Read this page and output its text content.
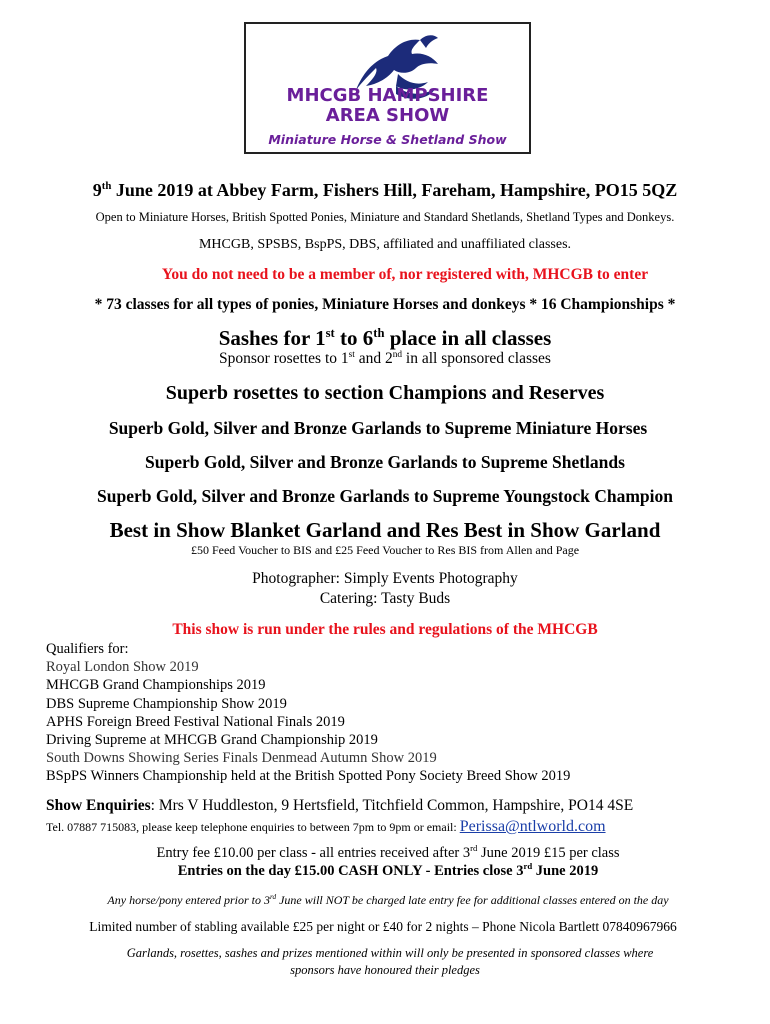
MHCGB HAMPSHIRE
AREA SHOW
Miniature Horse & Shetland Show
9th June 2019 at Abbey Farm, Fishers Hill, Fareham, Hampshire, PO15 5QZ
Open to Miniature Horses, British Spotted Ponies, Miniature and Standard Shetlands, Shetland Types and Donkeys.
MHCGB, SPSBS, BspPS, DBS, affiliated and unaffiliated classes.
You do not need to be a member of, nor registered with, MHCGB to enter
* 73 classes for all types of ponies, Miniature Horses and donkeys * 16 Championships *
Sashes for 1st to 6th place in all classes
Sponsor rosettes to 1st and 2nd in all sponsored classes
Superb rosettes to section Champions and Reserves
Superb Gold, Silver and Bronze Garlands to Supreme Miniature Horses
Superb Gold, Silver and Bronze Garlands to Supreme Shetlands
Superb Gold, Silver and Bronze Garlands to Supreme Youngstock Champion
Best in Show Blanket Garland and Res Best in Show Garland
£50 Feed Voucher to BIS and £25 Feed Voucher to Res BIS from Allen and Page
Photographer: Simply Events Photography
Catering: Tasty Buds
This show is run under the rules and regulations of the MHCGB
Qualifiers for:
Royal London Show 2019
MHCGB Grand Championships 2019
DBS Supreme Championship Show 2019
APHS Foreign Breed Festival National Finals 2019
Driving Supreme at MHCGB Grand Championship 2019
South Downs Showing Series Finals Denmead Autumn Show 2019
BSpPS Winners Championship held at the British Spotted Pony Society Breed Show 2019
Show Enquiries: Mrs V Huddleston, 9 Hertsfield, Titchfield Common, Hampshire, PO14 4SE
Tel. 07887 715083, please keep telephone enquiries to between 7pm to 9pm or email: Perissa@ntlworld.com
Entry fee £10.00 per class - all entries received after 3rd June 2019 £15 per class
Entries on the day £15.00 CASH ONLY - Entries close 3rd June 2019
Any horse/pony entered prior to 3rd June will NOT be charged late entry fee for additional classes entered on the day
Limited number of stabling available £25 per night or £40 for 2 nights – Phone Nicola Bartlett 07840967966
Garlands, rosettes, sashes and prizes mentioned within will only be presented in sponsored classes where
sponsors have honoured their pledges
